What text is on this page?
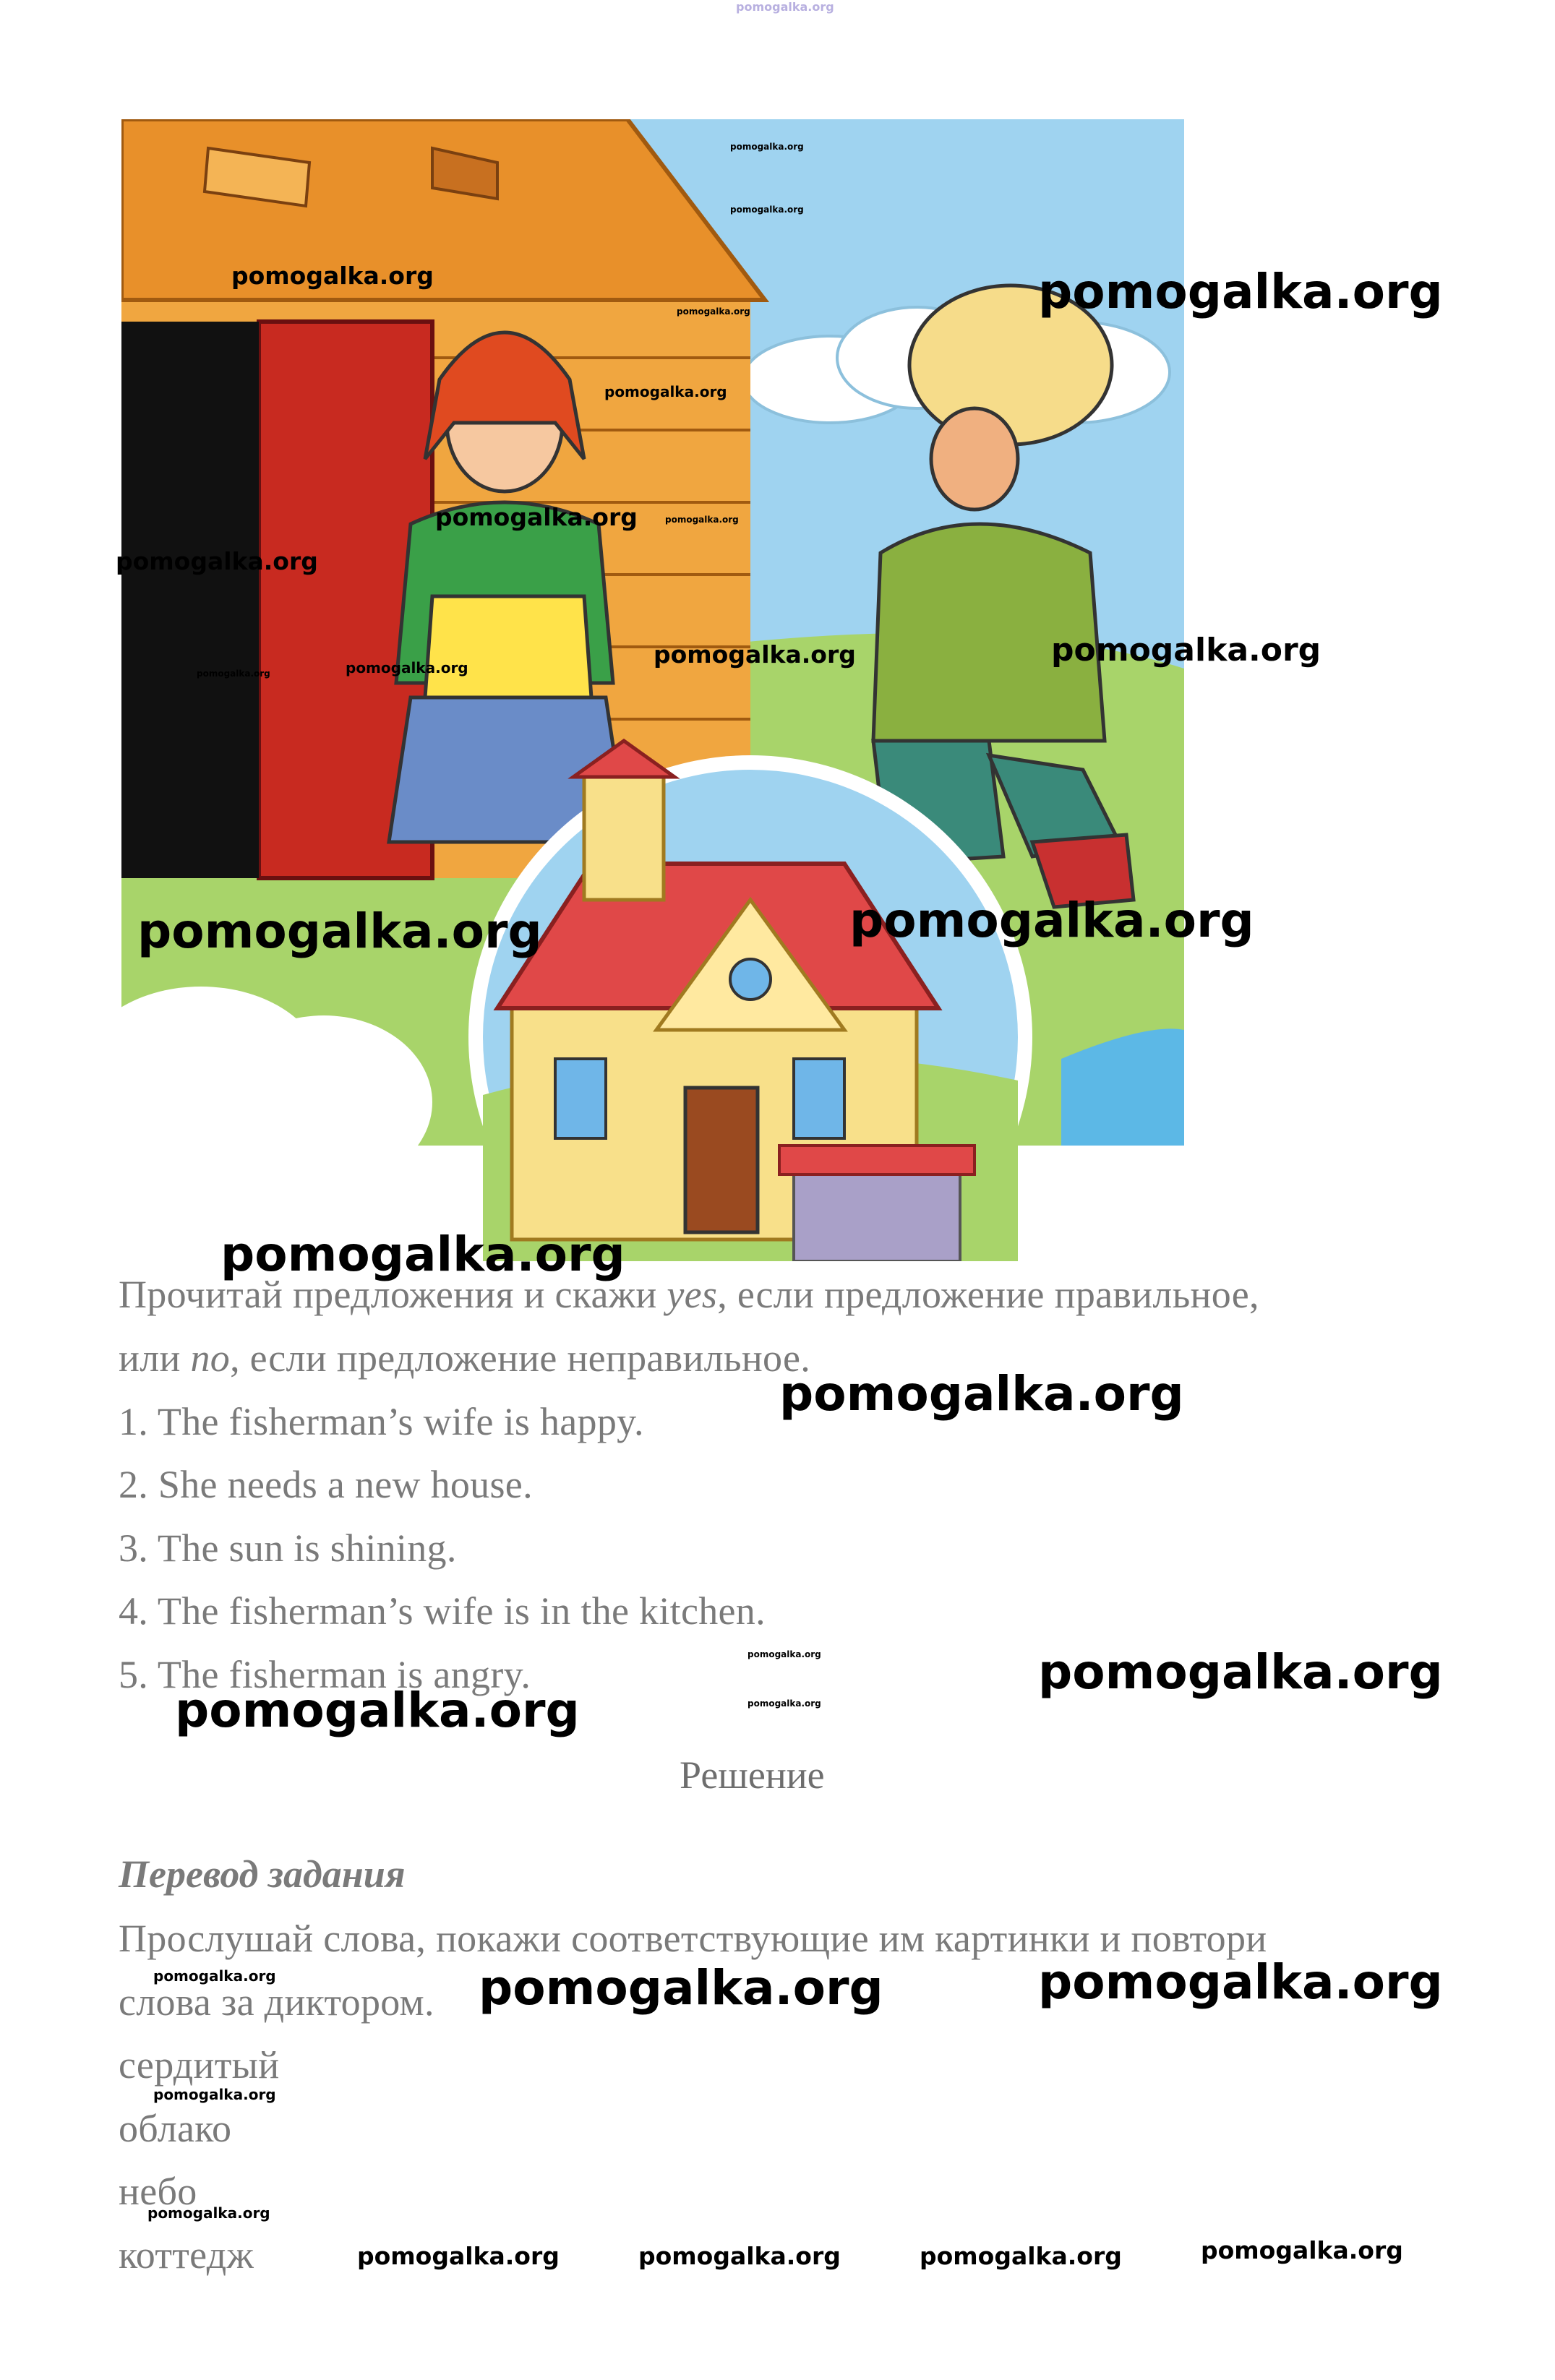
pomogalka.org
pomogalka.org	pomogalka.org
pomogalka.org
pomogalka.org
pomogalka.org
pomogalka.org
pomogalka.org	pomogalka.org
pomogalka.org
pomogalka.org	pomogalka.org
pomogalka.org
pomogalka.org
pomogalka.org	pomogalka.org
pomogalka.org
Прочитай предложения и скажи yes, если предложение правильное,
или no, если предложение неправильное.
pomogalka.org
1. The fisherman’s wife is happy.
2. She needs a new house.
3. The sun is shining.
4. The fisherman’s wife is in the kitchen.
5. The fisherman is angry.	pomogalka.org
pomogalka.org
pomogalka.org
pomogalka.org
Решение
Перевод задания
Прослушай слова, покажи соответствующие им картинки и повтори
pomogalka.org
слова за диктором. pomogalka.org	pomogalka.org
сердитый
pomogalka.org
облако
небо
pomogalka.org
коттедж	pomogalka.org	pomogalka.org	pomogalka.org	pomogalka.org
